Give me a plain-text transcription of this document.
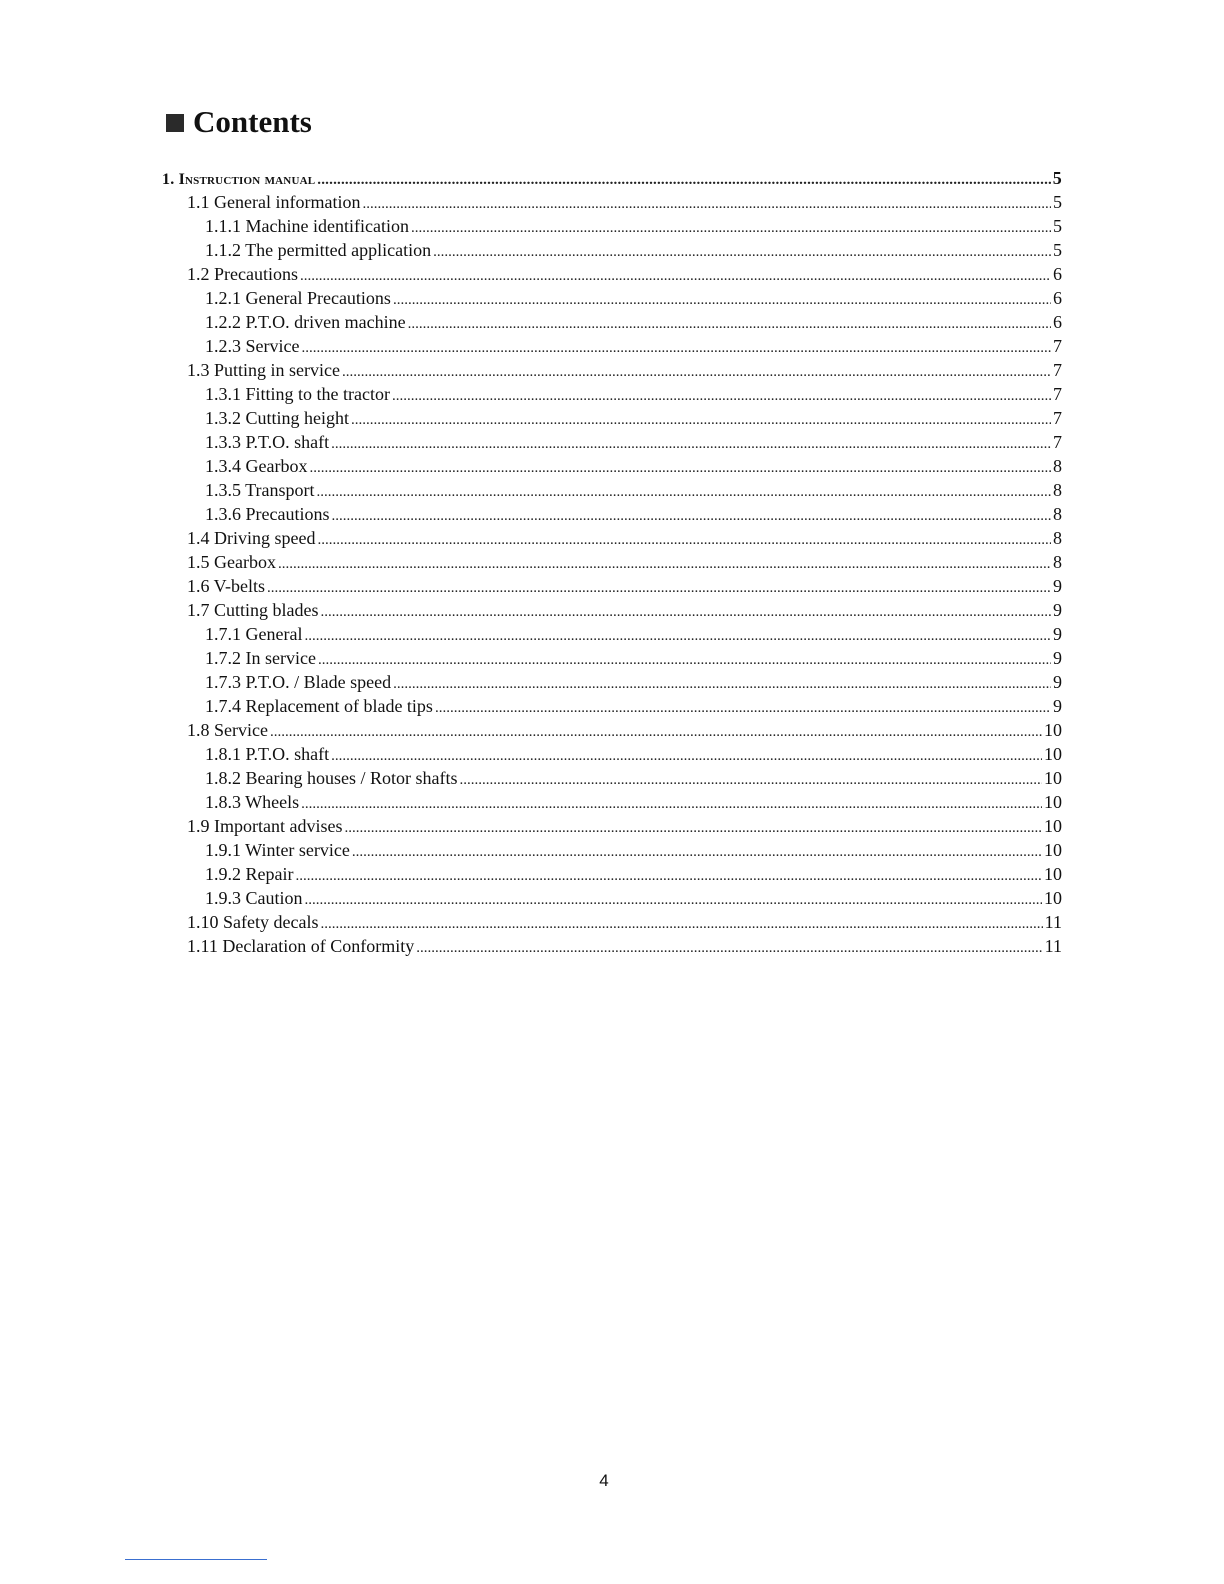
Contents
1. Instruction manual .....	5
1.1 General information .....	5
1.1.1 Machine identification .....	5
1.1.2 The permitted application .....	5
1.2 Precautions .....	6
1.2.1 General Precautions .....	6
1.2.2 P.T.O. driven machine .....	6
1.2.3 Service .....	7
1.3 Putting in service .....	7
1.3.1 Fitting to the tractor .....	7
1.3.2 Cutting height .....	7
1.3.3 P.T.O. shaft .....	7
1.3.4 Gearbox .....	8
1.3.5 Transport .....	8
1.3.6 Precautions .....	8
1.4 Driving speed .....	8
1.5 Gearbox .....	8
1.6 V-belts .....	9
1.7 Cutting blades .....	9
1.7.1 General .....	9
1.7.2 In service .....	9
1.7.3 P.T.O. / Blade speed .....	9
1.7.4 Replacement of blade tips .....	9
1.8 Service .....	10
1.8.1 P.T.O. shaft .....	10
1.8.2 Bearing houses / Rotor shafts .....	10
1.8.3 Wheels .....	10
1.9 Important advises .....	10
1.9.1 Winter service .....	10
1.9.2 Repair .....	10
1.9.3 Caution .....	10
1.10 Safety decals .....	11
1.11 Declaration of Conformity .....	11
4
